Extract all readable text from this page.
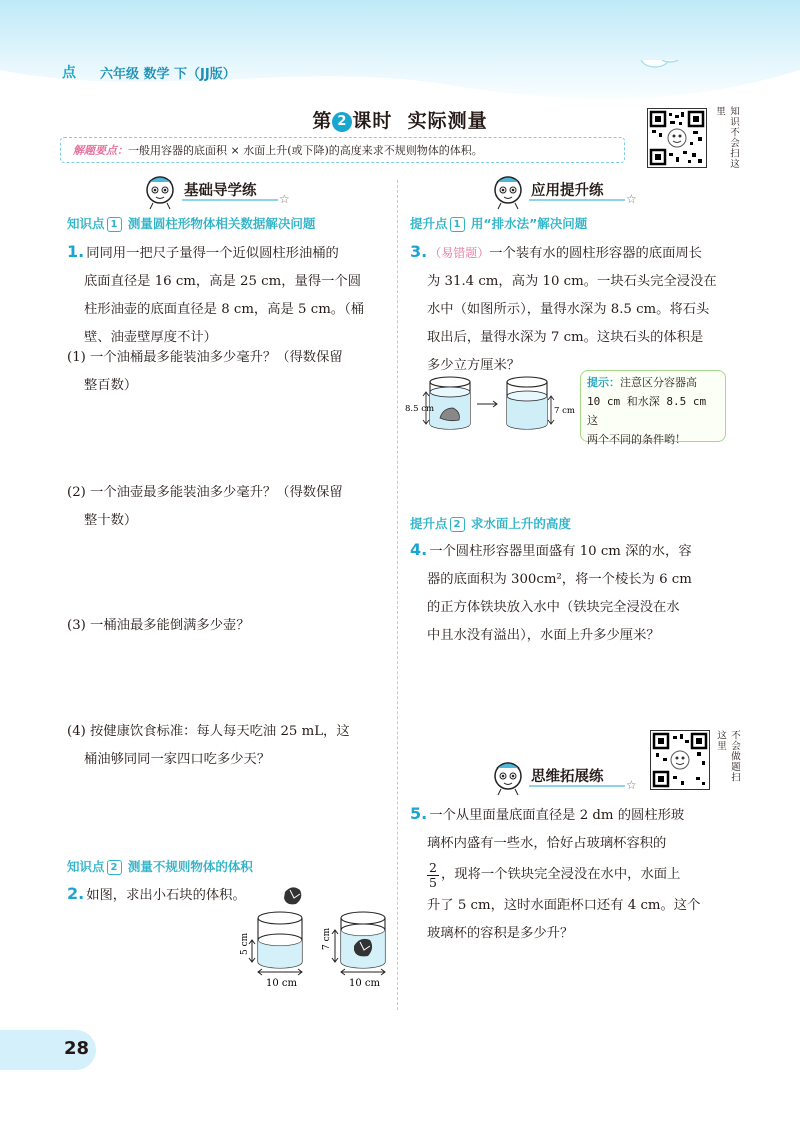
点 六年级 数学 下（JJ版）
第 2 课时 实际测量
解题要点：一般用容器的底面积 × 水面上升(或下降)的高度来求不规则物体的体积。	知识不会扫这里
基础导学练 ☆	应用提升练 ☆
知识点 1 测量圆柱形物体相关数据解决问题
1. 同同用一把尺子量得一个近似圆柱形油桶的
底面直径是 16 cm，高是 25 cm，量得一个圆
柱形油壶的底面直径是 8 cm，高是 5 cm。（桶
壁、油壶壁厚度不计）
(1) 一个油桶最多能装油多少毫升？（得数保留
整百数）
(2) 一个油壶最多能装油多少毫升？（得数保留
整十数）
(3) 一桶油最多能倒满多少壶？
(4) 按健康饮食标准：每人每天吃油 25 mL，这
桶油够同同一家四口吃多少天？
知识点 2 测量不规则物体的体积
2. 如图，求出小石块的体积。
5 cm
10 cm
7 cm
10 cm
提升点 1 用“排水法”解决问题
3. （易错题）一个装有水的圆柱形容器的底面周长
为 31.4 cm，高为 10 cm。一块石头完全浸没在
水中（如图所示），量得水深为 8.5 cm。将石头
取出后，量得水深为 7 cm。这块石头的体积是
多少立方厘米？
8.5 cm	7 cm
提示：注意区分容器高
10 cm 和水深 8.5 cm 这
两个不同的条件哟！
提升点 2 求水面上升的高度
4. 一个圆柱形容器里面盛有 10 cm 深的水，容
器的底面积为 300cm²，将一个棱长为 6 cm
的正方体铁块放入水中（铁块完全浸没在水
中且水没有溢出），水面上升多少厘米？
不会做题扫这里
思维拓展练 ☆
5. 一个从里面量底面直径是 2 dm 的圆柱形玻
璃杯内盛有一些水，恰好占玻璃杯容积的
2
5 ，现将一个铁块完全浸没在水中，水面上
升了 5 cm，这时水面距杯口还有 4 cm。这个
玻璃杯的容积是多少升？
28
